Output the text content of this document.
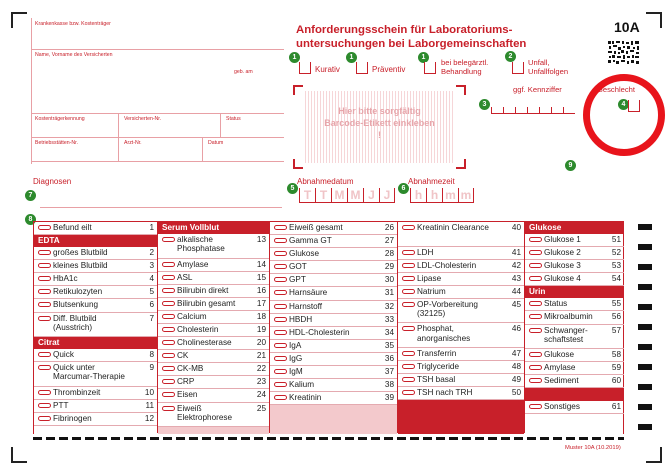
Krankenkasse bzw. Kostenträger
Name, Vorname des Versicherten
geb. am
Kostenträgerkennung	Versicherten-Nr.	Status
Betriebsstätten-Nr.	Arzt-Nr.	Datum
Anforderungsschein für Laboratoriums-
untersuchungen bei Laborgemeinschaften
10A
1
Kurativ
1
Präventiv
1
bei belegärztl. Behandlung
2
Unfall, Unfallfolgen
Hier bitte sorgfältig Barcode-Etikett einkleben !
3
ggf. Kennziffer	Geschlecht
4
9
Abnahmedatum
5 T T M M J J
Abnahmezeit
6 h h m m
Diagnosen
7
8
Befund eilt	1
EDTA
großes Blutbild	2
kleines Blutbild	3
HbA1c	4
Retikulozyten	5
Blutsenkung	6
Diff. Blutbild (Ausstrich)
7
Citrat
Quick	8
Quick unter Marcumar-Therapie
9
Thrombinzeit	10
PTT	11
Fibrinogen	12
Serum Vollblut
alkalische Phosphatase
13
Amylase	14
ASL	15
Bilirubin direkt	16
Bilirubin gesamt	17
Calcium	18
Cholesterin	19
Cholinesterase	20
CK	21
CK-MB	22
CRP	23
Eisen	24
Eiweiß Elektrophorese
25
Eiweiß gesamt	26
Gamma GT	27
Glukose	28
GOT	29
GPT	30
Harnsäure	31
Harnstoff	32
HBDH	33
HDL-Cholesterin	34
IgA	35
IgG	36
IgM	37
Kalium	38
Kreatinin	39
Kreatinin Clearance	40
LDH	41
LDL-Cholesterin	42
Lipase	43
Natrium	44
OP-Vorbereitung (32125)
45
Phosphat, anorganisches
46
Transferrin	47
Triglyceride	48
TSH basal	49
TSH nach TRH	50
Glukose
Glukose 1	51
Glukose 2	52
Glukose 3	53
Glukose 4	54
Urin
Status	55
Mikroalbumin	56
Schwanger-schaftstest
57
Glukose	58
Amylase	59
Sediment	60
Sonstiges	61
Muster 10A (10.2019)
